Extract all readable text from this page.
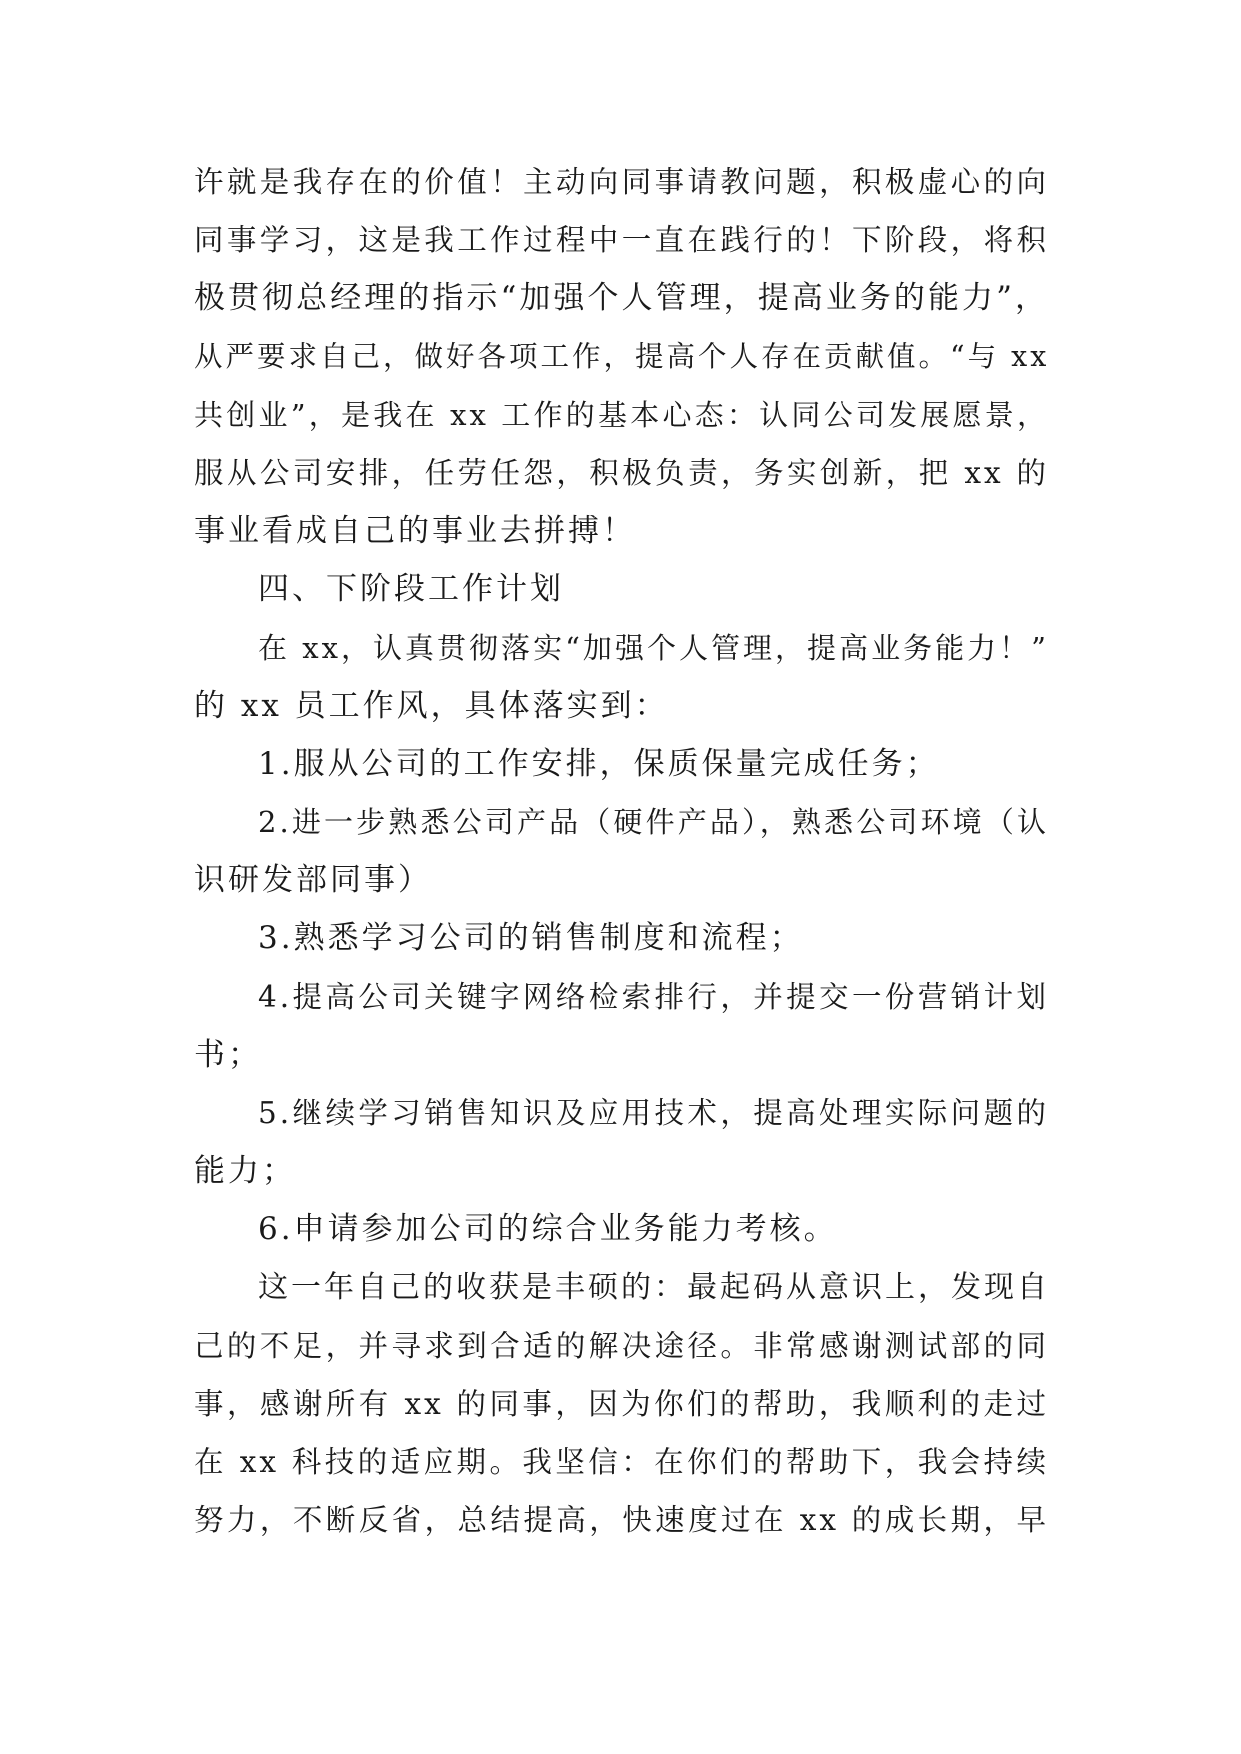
许就是我存在的价值！主动向同事请教问题，积极虚心的向
同事学习，这是我工作过程中一直在践行的！下阶段，将积
极贯彻总经理的指示“加强个人管理，提高业务的能力”，
从严要求自己，做好各项工作，提高个人存在贡献值。“与 xx
共创业”，是我在 xx 工作的基本心态：认同公司发展愿景，
服从公司安排，任劳任怨，积极负责，务实创新，把 xx 的
事业看成自己的事业去拼搏！
四、下阶段工作计划
在 xx，认真贯彻落实“加强个人管理，提高业务能力！”
的 xx 员工作风，具体落实到：
1.服从公司的工作安排，保质保量完成任务；
2.进一步熟悉公司产品（硬件产品），熟悉公司环境（认
识研发部同事）
3.熟悉学习公司的销售制度和流程；
4.提高公司关键字网络检索排行，并提交一份营销计划
书；
5.继续学习销售知识及应用技术，提高处理实际问题的
能力；
6.申请参加公司的综合业务能力考核。
这一年自己的收获是丰硕的：最起码从意识上，发现自
己的不足，并寻求到合适的解决途径。非常感谢测试部的同
事，感谢所有 xx 的同事，因为你们的帮助，我顺利的走过
在 xx 科技的适应期。我坚信：在你们的帮助下，我会持续
努力，不断反省，总结提高，快速度过在 xx 的成长期，早
